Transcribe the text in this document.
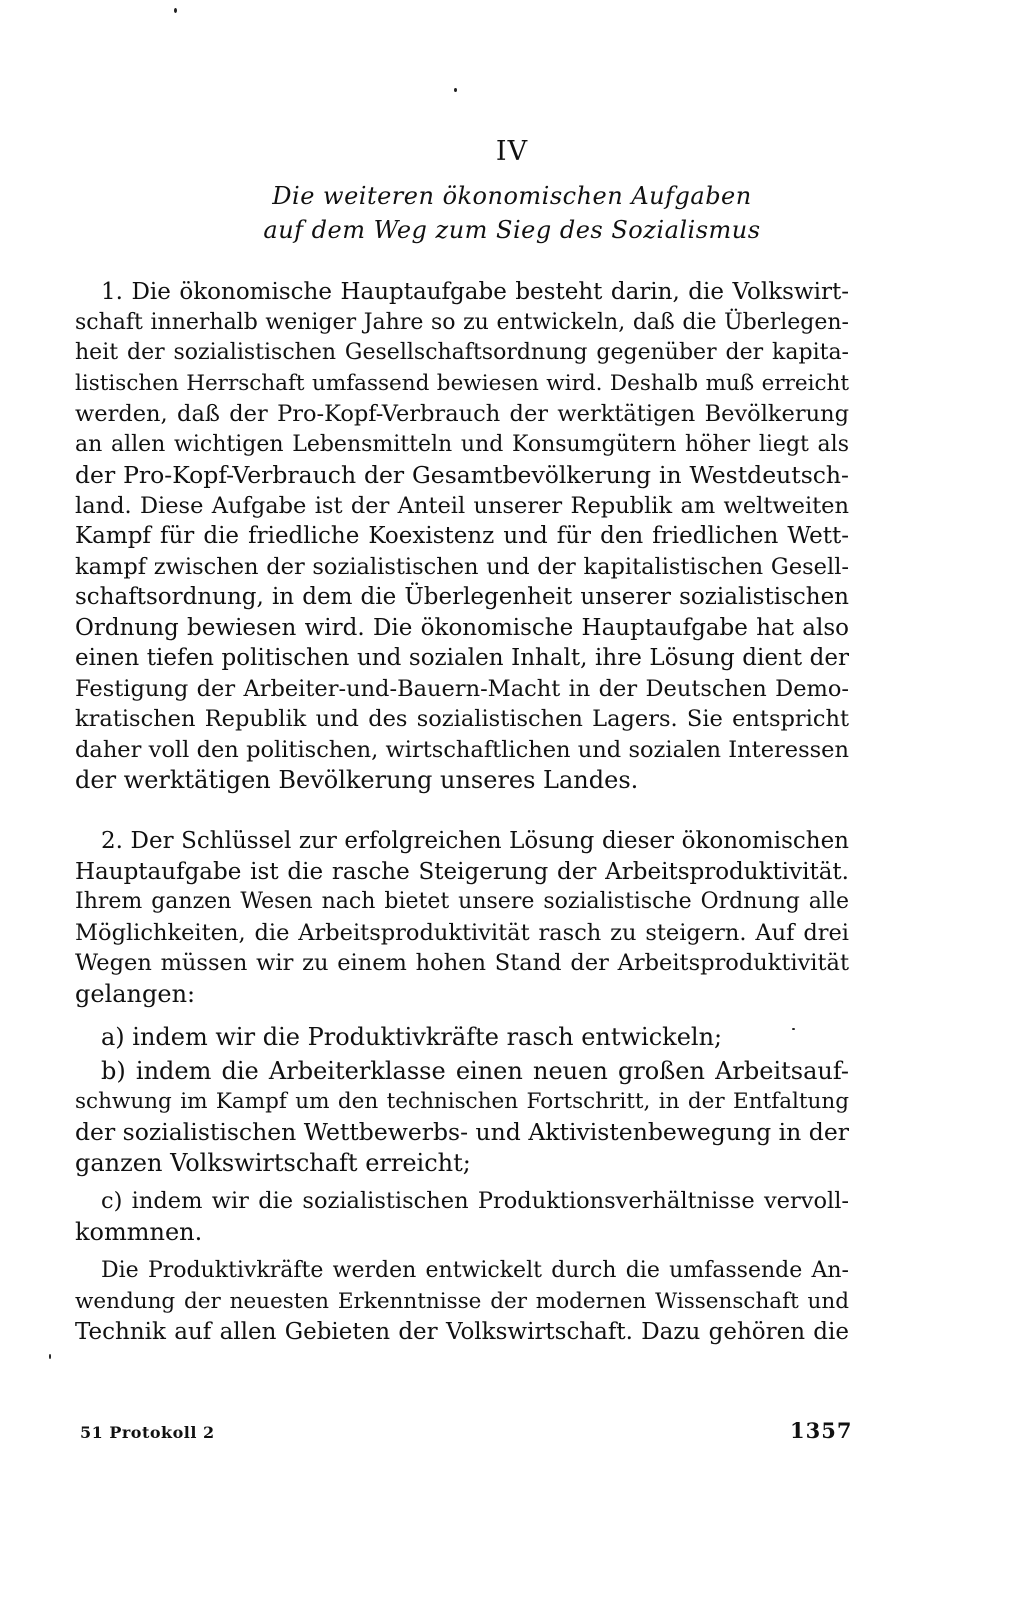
IV
Die weiteren ökonomischen Aufgaben
auf dem Weg zum Sieg des Sozialismus
1. Die ökonomische Hauptaufgabe besteht darin, die Volkswirt-
schaft innerhalb weniger Jahre so zu entwickeln, daß die Überlegen-
heit der sozialistischen Gesellschaftsordnung gegenüber der kapita-
listischen Herrschaft umfassend bewiesen wird. Deshalb muß erreicht
werden, daß der Pro-Kopf-Verbrauch der werktätigen Bevölkerung
an allen wichtigen Lebensmitteln und Konsumgütern höher liegt als
der Pro-Kopf-Verbrauch der Gesamtbevölkerung in Westdeutsch-
land. Diese Aufgabe ist der Anteil unserer Republik am weltweiten
Kampf für die friedliche Koexistenz und für den friedlichen Wett-
kampf zwischen der sozialistischen und der kapitalistischen Gesell-
schaftsordnung, in dem die Überlegenheit unserer sozialistischen
Ordnung bewiesen wird. Die ökonomische Hauptaufgabe hat also
einen tiefen politischen und sozialen Inhalt, ihre Lösung dient der
Festigung der Arbeiter-und-Bauern-Macht in der Deutschen Demo-
kratischen Republik und des sozialistischen Lagers. Sie entspricht
daher voll den politischen, wirtschaftlichen und sozialen Interessen
der werktätigen Bevölkerung unseres Landes.
2. Der Schlüssel zur erfolgreichen Lösung dieser ökonomischen
Hauptaufgabe ist die rasche Steigerung der Arbeitsproduktivität.
Ihrem ganzen Wesen nach bietet unsere sozialistische Ordnung alle
Möglichkeiten, die Arbeitsproduktivität rasch zu steigern. Auf drei
Wegen müssen wir zu einem hohen Stand der Arbeitsproduktivität
gelangen:
a) indem wir die Produktivkräfte rasch entwickeln;
b) indem die Arbeiterklasse einen neuen großen Arbeitsauf-
schwung im Kampf um den technischen Fortschritt, in der Entfaltung
der sozialistischen Wettbewerbs- und Aktivistenbewegung in der
ganzen Volkswirtschaft erreicht;
c) indem wir die sozialistischen Produktionsverhältnisse vervoll-
kommnen.
Die Produktivkräfte werden entwickelt durch die umfassende An-
wendung der neuesten Erkenntnisse der modernen Wissenschaft und
Technik auf allen Gebieten der Volkswirtschaft. Dazu gehören die
51 Protokoll 2	1357
